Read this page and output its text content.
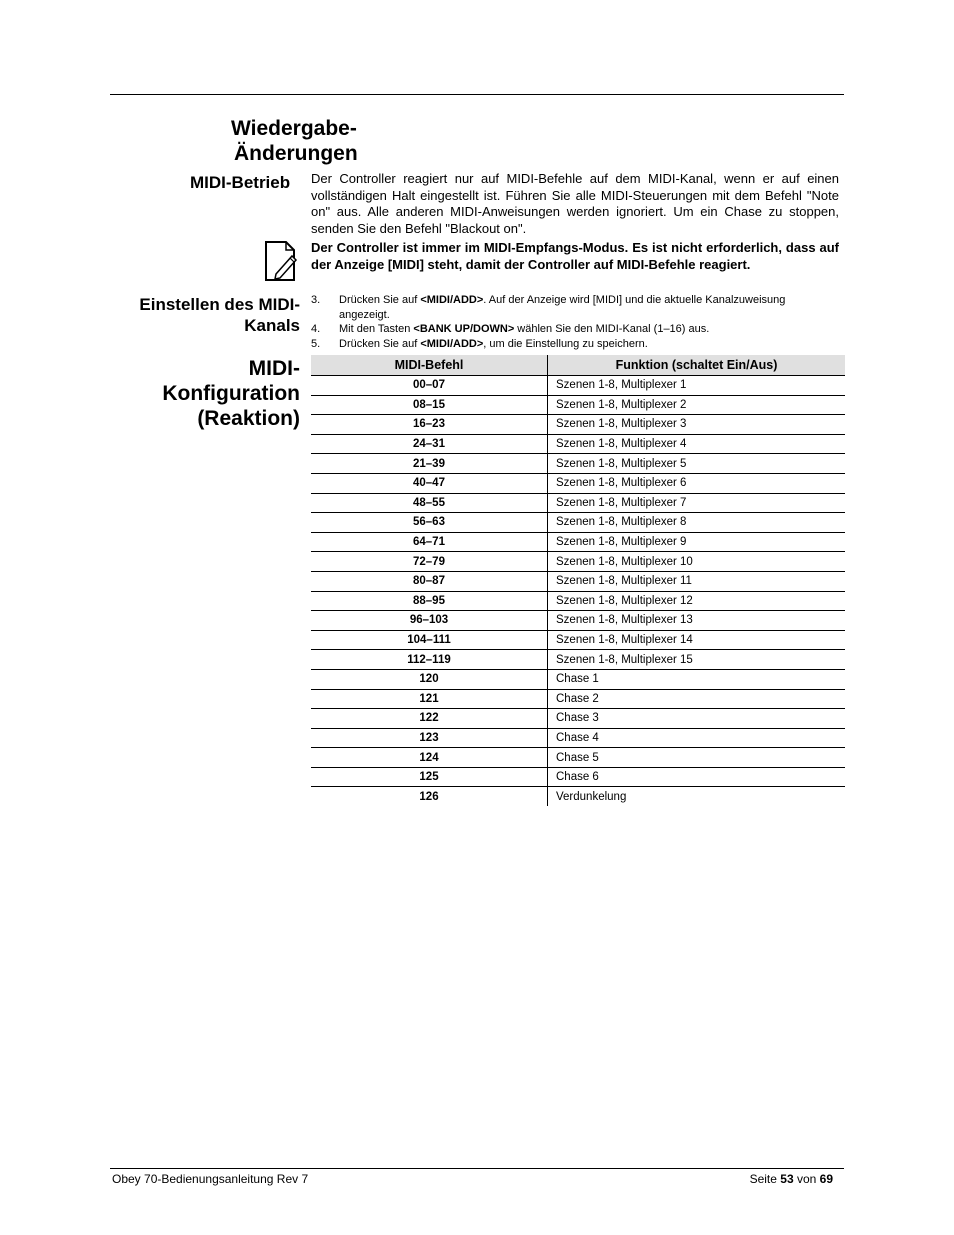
Wiedergabe-
Änderungen
MIDI-Betrieb Der Controller reagiert nur auf MIDI-Befehle auf dem MIDI-Kanal, wenn er auf einen vollständigen Halt eingestellt ist. Führen Sie alle MIDI-Steuerungen mit dem Befehl "Note on" aus. Alle anderen MIDI-Anweisungen werden ignoriert. Um ein Chase zu stoppen, senden Sie den Befehl "Blackout on".
Der Controller ist immer im MIDI-Empfangs-Modus. Es ist nicht erforderlich, dass auf der Anzeige [MIDI] steht, damit der Controller auf MIDI-Befehle reagiert.
Einstellen des MIDI-
Kanals
3. Drücken Sie auf <MIDI/ADD>. Auf der Anzeige wird [MIDI] und die aktuelle Kanalzuweisung angezeigt.
4. Mit den Tasten <BANK UP/DOWN> wählen Sie den MIDI-Kanal (1–16) aus.
5. Drücken Sie auf <MIDI/ADD>, um die Einstellung zu speichern.
MIDI-
Konfiguration
(Reaktion)
MIDI-Befehl	Funktion (schaltet Ein/Aus)
00–07	Szenen 1-8, Multiplexer 1
08–15	Szenen 1-8, Multiplexer 2
16–23	Szenen 1-8, Multiplexer 3
24–31	Szenen 1-8, Multiplexer 4
21–39	Szenen 1-8, Multiplexer 5
40–47	Szenen 1-8, Multiplexer 6
48–55	Szenen 1-8, Multiplexer 7
56–63	Szenen 1-8, Multiplexer 8
64–71	Szenen 1-8, Multiplexer 9
72–79	Szenen 1-8, Multiplexer 10
80–87	Szenen 1-8, Multiplexer 11
88–95	Szenen 1-8, Multiplexer 12
96–103	Szenen 1-8, Multiplexer 13
104–111	Szenen 1-8, Multiplexer 14
112–119	Szenen 1-8, Multiplexer 15
120	Chase 1
121	Chase 2
122	Chase 3
123	Chase 4
124	Chase 5
125	Chase 6
126	Verdunkelung
Obey 70-Bedienungsanleitung Rev 7	Seite 53 von 69
